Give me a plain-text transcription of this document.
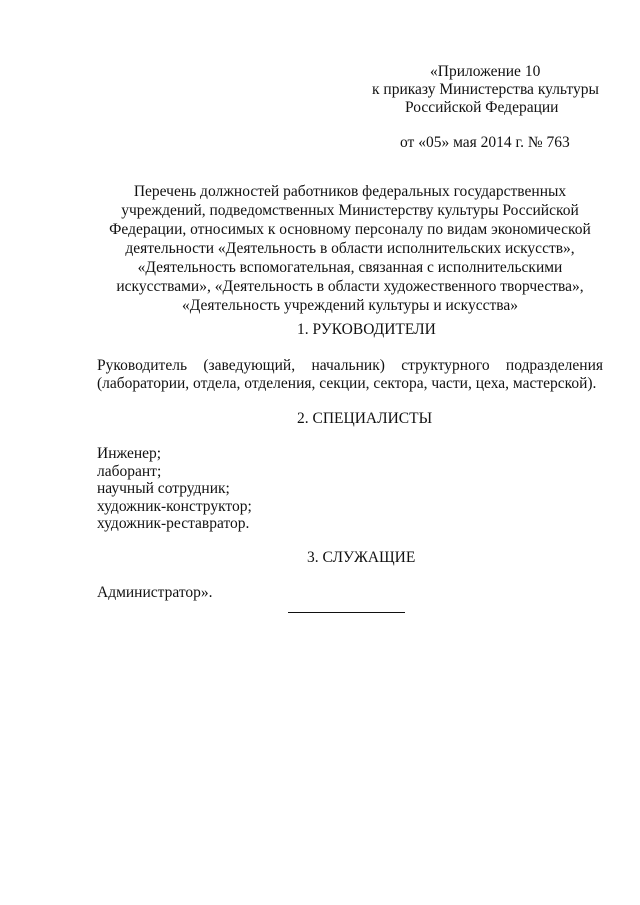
«Приложение 10
к приказу Министерства культуры
Российской Федерации
от «05» мая 2014 г. № 763
Перечень должностей работников федеральных государственных
учреждений, подведомственных Министерству культуры Российской
Федерации, относимых к основному персоналу по видам экономической
деятельности «Деятельность в области исполнительских искусств»,
«Деятельность вспомогательная, связанная с исполнительскими
искусствами», «Деятельность в области художественного творчества»,
«Деятельность учреждений культуры и искусства»
1. РУКОВОДИТЕЛИ
Руководитель (заведующий, начальник) структурного подразделения
(лаборатории, отдела, отделения, секции, сектора, части, цеха, мастерской).
2. СПЕЦИАЛИСТЫ
Инженер;
лаборант;
научный сотрудник;
художник-конструктор;
художник-реставратор.
3. СЛУЖАЩИЕ
Администратор».
